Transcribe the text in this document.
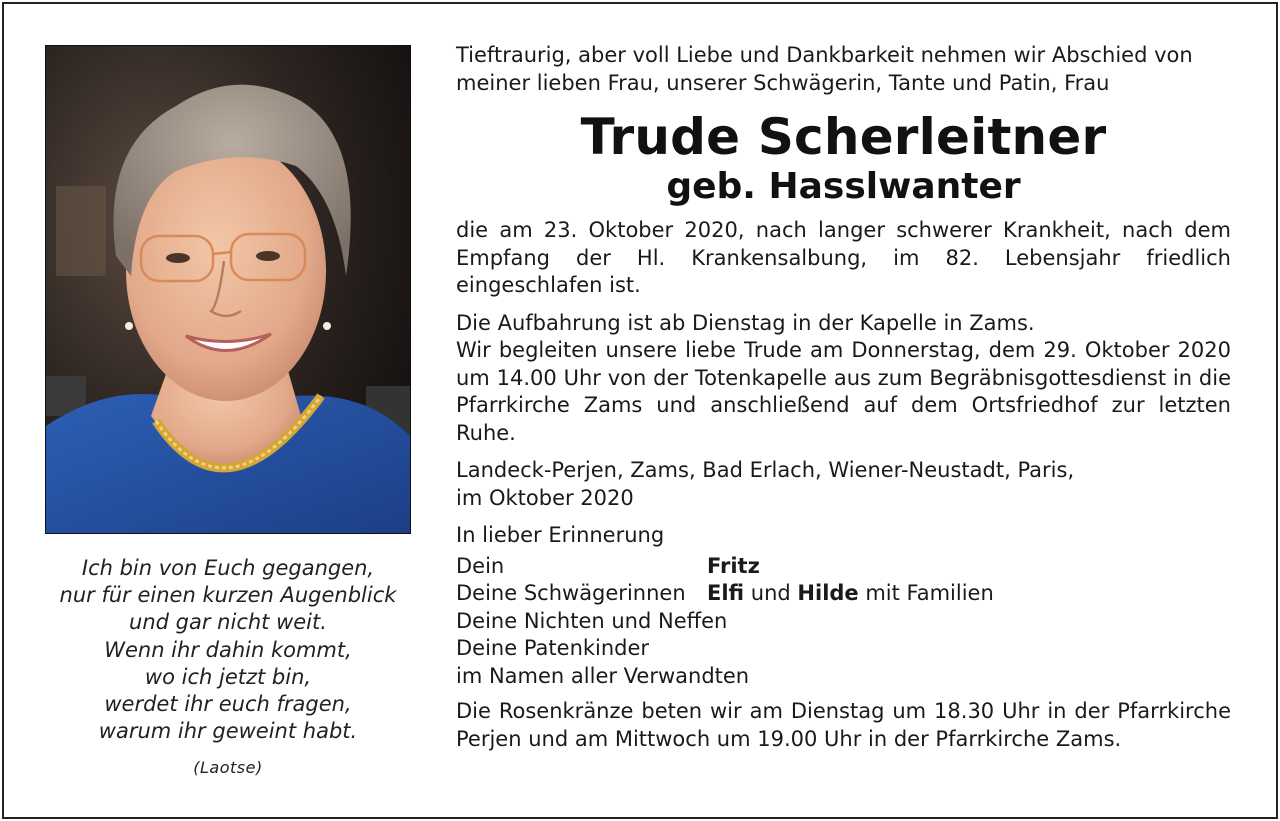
Ich bin von Euch gegangen,
nur für einen kurzen Augenblick
und gar nicht weit.
Wenn ihr dahin kommt,
wo ich jetzt bin,
werdet ihr euch fragen,
warum ihr geweint habt.
(Laotse)
Tieftraurig, aber voll Liebe und Dankbarkeit nehmen wir Abschied von
meiner lieben Frau, unserer Schwägerin, Tante und Patin, Frau
Trude Scherleitner
geb. Hasslwanter
die am 23. Oktober 2020, nach langer schwerer Krankheit, nach dem Empfang der Hl. Krankensalbung, im 82. Lebensjahr friedlich eingeschlafen ist.
Die Aufbahrung ist ab Dienstag in der Kapelle in Zams.
Wir begleiten unsere liebe Trude am Donnerstag, dem 29. Oktober 2020 um 14.00 Uhr von der Totenkapelle aus zum Begräbnisgottesdienst in die Pfarrkirche Zams und anschließend auf dem Ortsfriedhof zur letzten Ruhe.
Landeck-Perjen, Zams, Bad Erlach, Wiener-Neustadt, Paris,
im Oktober 2020
In lieber Erinnerung
Dein	Fritz
Deine Schwägerinnen	Elfi und Hilde mit Familien
Deine Nichten und Neffen
Deine Patenkinder
im Namen aller Verwandten
Die Rosenkränze beten wir am Dienstag um 18.30 Uhr in der Pfarrkirche Perjen und am Mittwoch um 19.00 Uhr in der Pfarrkirche Zams.
